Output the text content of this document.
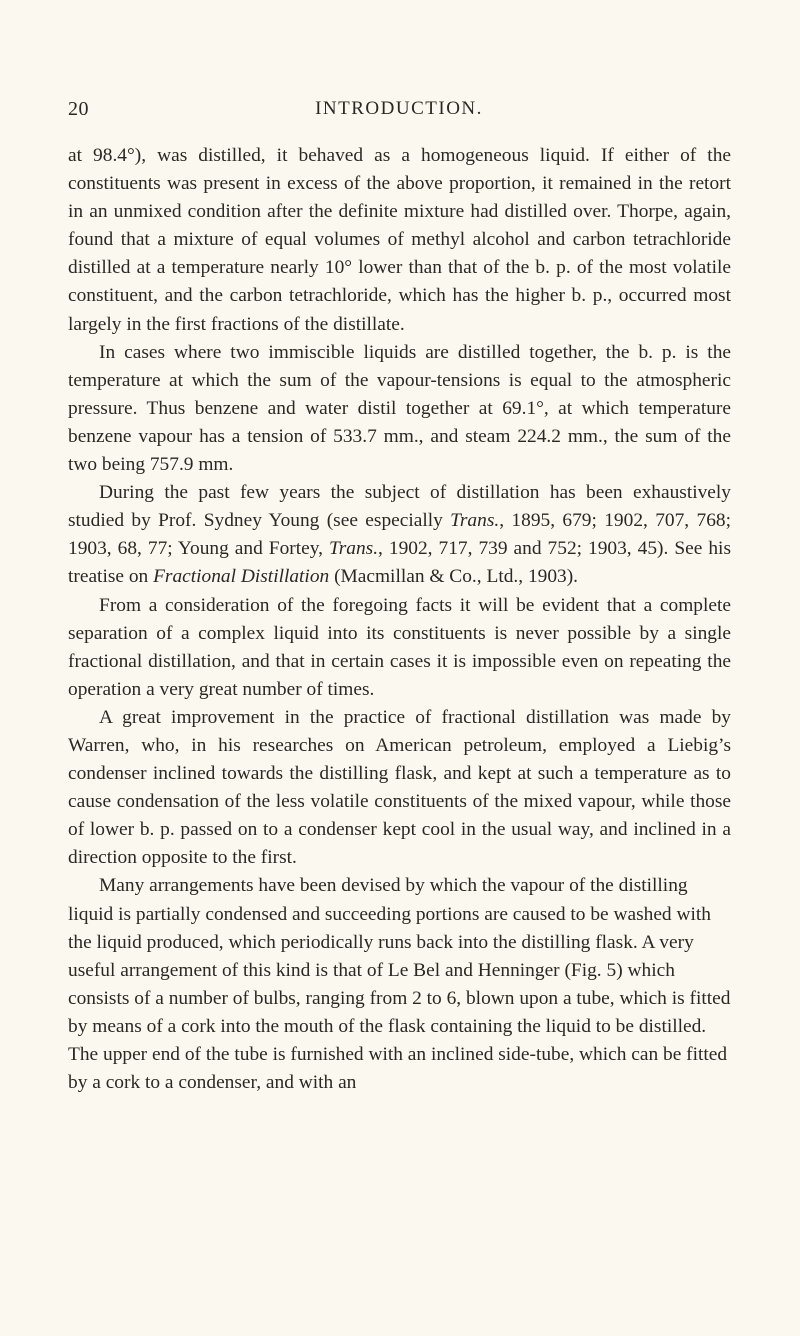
20	INTRODUCTION.

at 98.4°), was distilled, it behaved as a homogeneous liquid. If either of the constituents was present in excess of the above proportion, it remained in the retort in an unmixed condition after the definite mixture had distilled over. Thorpe, again, found that a mixture of equal volumes of methyl alcohol and carbon tetrachloride distilled at a temperature nearly 10° lower than that of the b. p. of the most volatile constituent, and the carbon tetrachloride, which has the higher b. p., occurred most largely in the first fractions of the distillate.

In cases where two immiscible liquids are distilled together, the b. p. is the temperature at which the sum of the vapour-tensions is equal to the atmospheric pressure. Thus benzene and water distil together at 69.1°, at which temperature benzene vapour has a tension of 533.7 mm., and steam 224.2 mm., the sum of the two being 757.9 mm.

During the past few years the subject of distillation has been exhaustively studied by Prof. Sydney Young (see especially Trans., 1895, 679; 1902, 707, 768; 1903, 68, 77; Young and Fortey, Trans., 1902, 717, 739 and 752; 1903, 45). See his treatise on Fractional Distillation (Macmillan & Co., Ltd., 1903).

From a consideration of the foregoing facts it will be evident that a complete separation of a complex liquid into its constituents is never possible by a single fractional distillation, and that in certain cases it is impossible even on repeating the operation a very great number of times.

A great improvement in the practice of fractional distillation was made by Warren, who, in his researches on American petroleum, employed a Liebig’s condenser inclined towards the distilling flask, and kept at such a temperature as to cause condensation of the less volatile constituents of the mixed vapour, while those of lower b. p. passed on to a condenser kept cool in the usual way, and inclined in a direction opposite to the first.

Many arrangements have been devised by which the vapour of the distilling liquid is partially condensed and succeeding portions are caused to be washed with the liquid produced, which periodically runs back into the distilling flask. A very useful arrangement of this kind is that of Le Bel and Henninger (Fig. 5) which consists of a number of bulbs, ranging from 2 to 6, blown upon a tube, which is fitted by means of a cork into the mouth of the flask containing the liquid to be distilled. The upper end of the tube is furnished with an inclined side-tube, which can be fitted by a cork to a condenser, and with an
